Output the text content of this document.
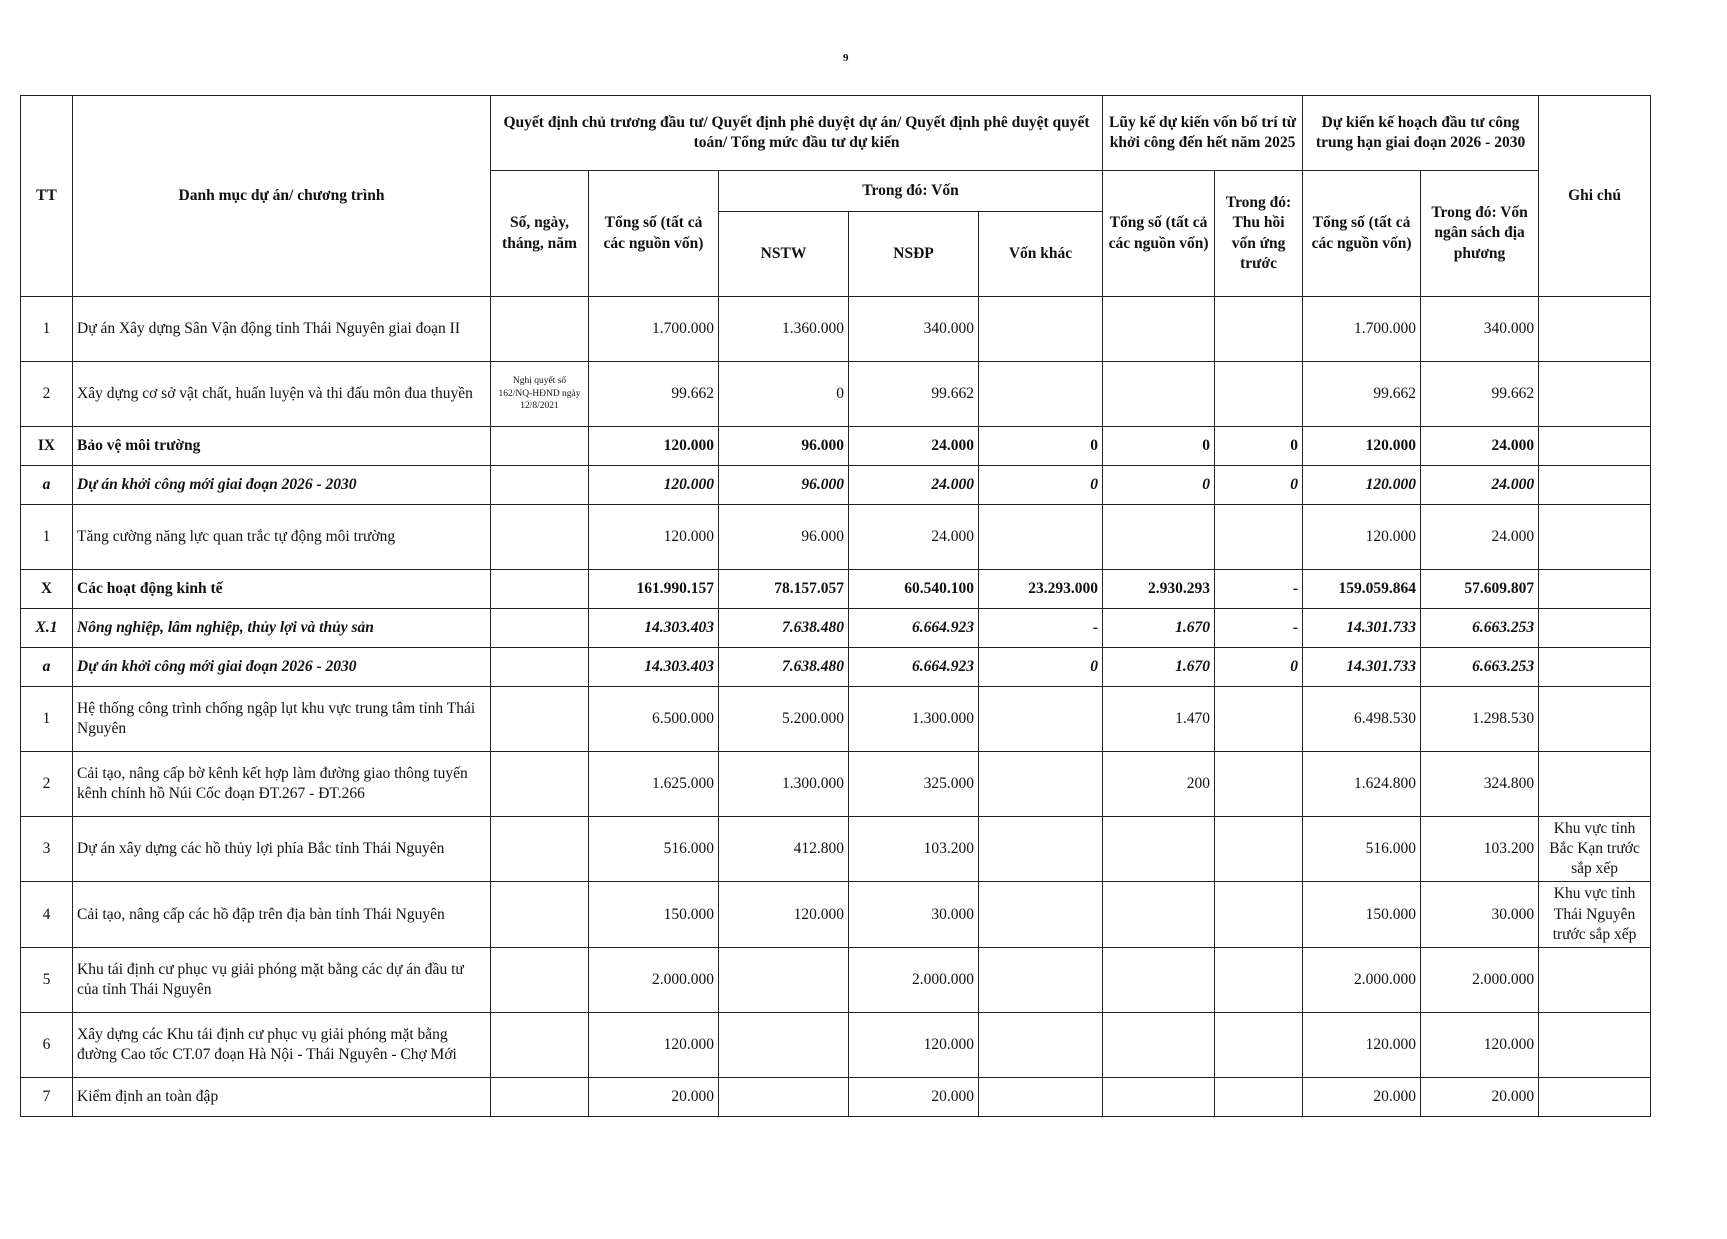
9
TT	Danh mục dự án/ chương trình	Quyết định chủ trương đầu tư/ Quyết định phê duyệt dự án/ Quyết định phê duyệt quyết toán/ Tổng mức đầu tư dự kiến					Lũy kế dự kiến vốn bố trí từ khởi công đến hết năm 2025		Dự kiến kế hoạch đầu tư công trung hạn giai đoạn 2026 - 2030		Ghi chú
		Số, ngày, tháng, năm	Tổng số (tất cả các nguồn vốn)	Trong đó: Vốn			Tổng số (tất cả các nguồn vốn)	Trong đó: Thu hồi vốn ứng trước	Tổng số (tất cả các nguồn vốn)	Trong đó: Vốn ngân sách địa phương	
				NSTW	NSĐP	Vốn khác					
1	Dự án Xây dựng Sân Vận động tỉnh Thái Nguyên giai đoạn II		1.700.000	1.360.000	340.000				1.700.000	340.000	
2	Xây dựng cơ sở vật chất, huấn luyện và thi đấu môn đua thuyền	Nghị quyết số 162/NQ-HĐND ngày 12/8/2021	99.662	0	99.662				99.662	99.662	
IX	Bảo vệ môi trường		120.000	96.000	24.000	0	0	0	120.000	24.000	
a	Dự án khởi công mới giai đoạn 2026 - 2030		120.000	96.000	24.000	0	0	0	120.000	24.000	
1	Tăng cường năng lực quan trắc tự động môi trường		120.000	96.000	24.000				120.000	24.000	
X	Các hoạt động kinh tế		161.990.157	78.157.057	60.540.100	23.293.000	2.930.293	-	159.059.864	57.609.807	
X.1	Nông nghiệp, lâm nghiệp, thủy lợi và thủy sản		14.303.403	7.638.480	6.664.923	-	1.670	-	14.301.733	6.663.253	
a	Dự án khởi công mới giai đoạn 2026 - 2030		14.303.403	7.638.480	6.664.923	0	1.670	0	14.301.733	6.663.253	
1	Hệ thống công trình chống ngập lụt khu vực trung tâm tỉnh Thái Nguyên		6.500.000	5.200.000	1.300.000		1.470		6.498.530	1.298.530	
2	Cải tạo, nâng cấp bờ kênh kết hợp làm đường giao thông tuyến kênh chính hồ Núi Cốc đoạn ĐT.267 - ĐT.266		1.625.000	1.300.000	325.000		200		1.624.800	324.800	
3	Dự án xây dựng các hồ thủy lợi phía Bắc tỉnh Thái Nguyên		516.000	412.800	103.200				516.000	103.200	Khu vực tỉnh Bắc Kạn trước sắp xếp
4	Cải tạo, nâng cấp các hồ đập trên địa bàn tỉnh Thái Nguyên		150.000	120.000	30.000				150.000	30.000	Khu vực tỉnh Thái Nguyên trước sắp xếp
5	Khu tái định cư phục vụ giải phóng mặt bằng các dự án đầu tư của tỉnh Thái Nguyên		2.000.000		2.000.000				2.000.000	2.000.000	
6	Xây dựng các Khu tái định cư phục vụ giải phóng mặt bằng đường Cao tốc CT.07 đoạn Hà Nội - Thái Nguyên - Chợ Mới		120.000		120.000				120.000	120.000	
7	Kiểm định an toàn đập		20.000		20.000				20.000	20.000	
